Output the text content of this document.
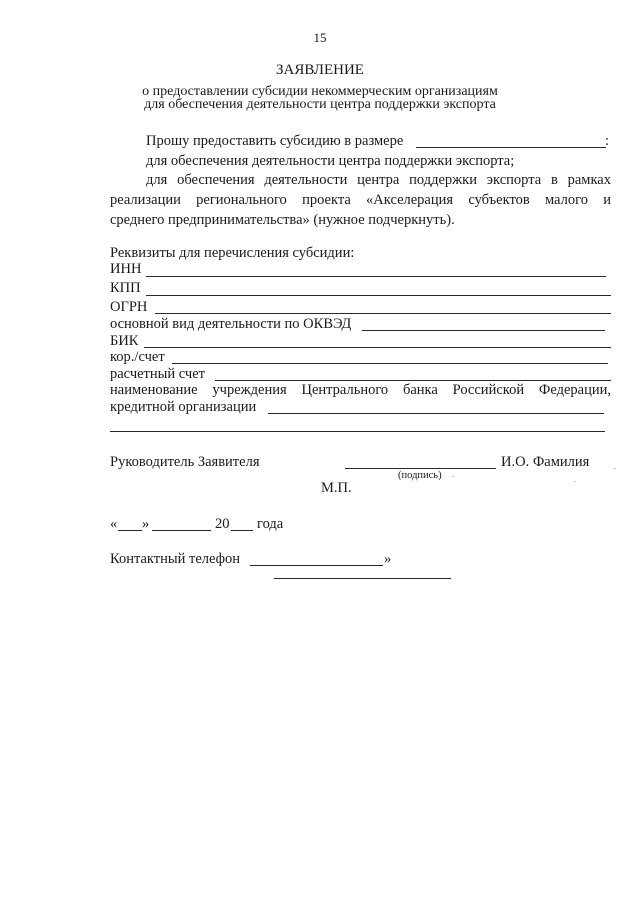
15
ЗАЯВЛЕНИЕ
о предоставлении субсидии некоммерческим организациям
для обеспечения деятельности центра поддержки экспорта
Прошу предоставить субсидию в размере	:
для обеспечения деятельности центра поддержки экспорта;
для обеспечения деятельности центра поддержки экспорта в рамках
реализации регионального проекта «Акселерация субъектов малого и
среднего предпринимательства» (нужное подчеркнуть).
Реквизиты для перечисления субсидии:
ИНН
КПП
ОГРН
основной вид деятельности по ОКВЭД
БИК
кор./счет
расчетный счет
наименование учреждения Центрального банка Российской Федерации,
кредитной организации
Руководитель Заявителя	И.О. Фамилия
(подпись)
М.П.
« »	20 года
Контактный телефон	»
